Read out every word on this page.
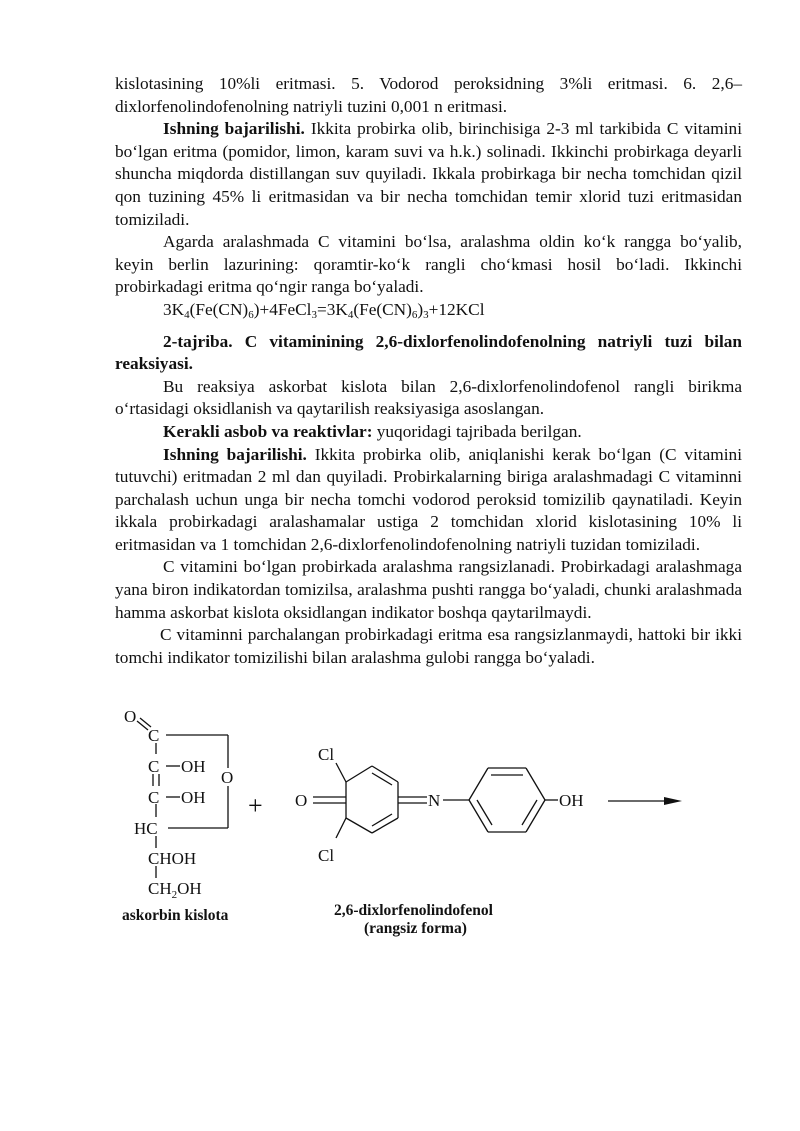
kislotasining 10%li eritmasi. 5. Vodorod peroksidning 3%li eritmasi. 6. 2,6–dixlorfenolindofenolning natriyli tuzini 0,001 n eritmasi.

Ishning bajarilishi. Ikkita probirka olib, birinchisiga 2-3 ml tarkibida C vitamini bo‘lgan eritma (pomidor, limon, karam suvi va h.k.) solinadi. Ikkinchi probirkaga deyarli shuncha miqdorda distillangan suv quyiladi. Ikkala probirkaga bir necha tomchidan qizil qon tuzining 45% li eritmasidan va bir necha tomchidan temir xlorid tuzi eritmasidan tomiziladi.

Agarda aralashmada C vitamini bo‘lsa, aralashma oldin ko‘k rangga bo‘yalib, keyin berlin lazurining: qoramtir-ko‘k rangli cho‘kmasi hosil bo‘ladi. Ikkinchi probirkadagi eritma qo‘ngir ranga bo‘yaladi.

$3K_4(Fe(CN)_6)+4FeCl_3=3K_4(Fe(CN)_6)_3+12KCl$

2-tajriba. C vitaminining 2,6-dixlorfenolindofenolning natriyli tuzi bilan reaksiyasi.

Bu reaksiya askorbat kislota bilan 2,6-dixlorfenolindofenol rangli birikma o‘rtasidagi oksidlanish va qaytarilish reaksiyasiga asoslangan.

Kerakli asbob va reaktivlar: yuqoridagi tajribada berilgan.

Ishning bajarilishi. Ikkita probirka olib, aniqlanishi kerak bo‘lgan (C vitamini tutuvchi) eritmadan 2 ml dan quyiladi. Probirkalarning biriga aralashmadagi C vitaminni parchalash uchun unga bir necha tomchi vodorod peroksid tomizilib qaynatiladi. Keyin ikkala probirkadagi aralashamalar ustiga 2 tomchidan xlorid kislotasining 10% li eritmasidan va 1 tomchidan 2,6-dixlorfenolindofenolning natriyli tuzidan tomiziladi.

C vitamini bo‘lgan probirkada aralashma rangsizlanadi. Probirkadagi aralashmaga yana biron indikatordan tomizilsa, aralashma pushti rangga bo‘yaladi, chunki aralashmada hamma askorbat kislota oksidlangan indikator boshqa qaytarilmaydi.

C vitaminni parchalangan probirkadagi eritma esa rangsizlanmaydi, hattoki bir ikki tomchi indikator tomizilishi bilan aralashma gulobi rangga bo‘yaladi.

O
C
C OH
C OH
O
HC
CHOH
$CH_2OH$
askorbin kislota
+
Cl
Cl
O	N	OH
2,6-dixlorfenolindofenol
(rangsiz forma)
